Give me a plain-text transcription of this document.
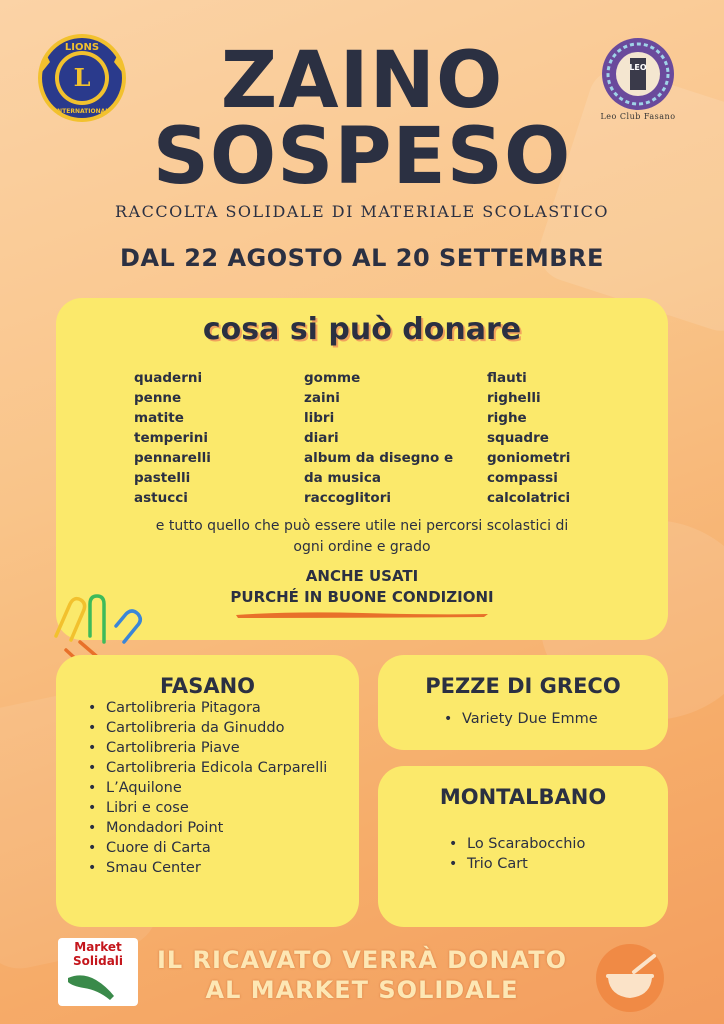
LIONS
INTERNATIONAL
L	LEO
Leo Club Fasano
ZAINO
SOSPESO
RACCOLTA SOLIDALE DI MATERIALE SCOLASTICO
DAL 22 AGOSTO AL 20 SETTEMBRE
cosa si può donare
quaderni
penne
matite
temperini
pennarelli
pastelli
astucci
gomme
zaini
libri
diari
album da disegno e
da musica
raccoglitori
flauti
righelli
righe
squadre
goniometri
compassi
calcolatrici
e tutto quello che può essere utile nei percorsi scolastici di
ogni ordine e grado
ANCHE USATI
PURCHÉ IN BUONE CONDIZIONI
FASANO
• Cartolibreria Pitagora
• Cartolibreria da Ginuddo
• Cartolibreria Piave
• Cartolibreria Edicola Carparelli
• L’Aquilone
• Libri e cose
• Mondadori Point
• Cuore di Carta
• Smau Center
PEZZE DI GRECO
• Variety Due Emme
MONTALBANO
• Lo Scarabocchio
• Trio Cart
Market
Solidali	IL RICAVATO VERRÀ DONATO
AL MARKET SOLIDALE
